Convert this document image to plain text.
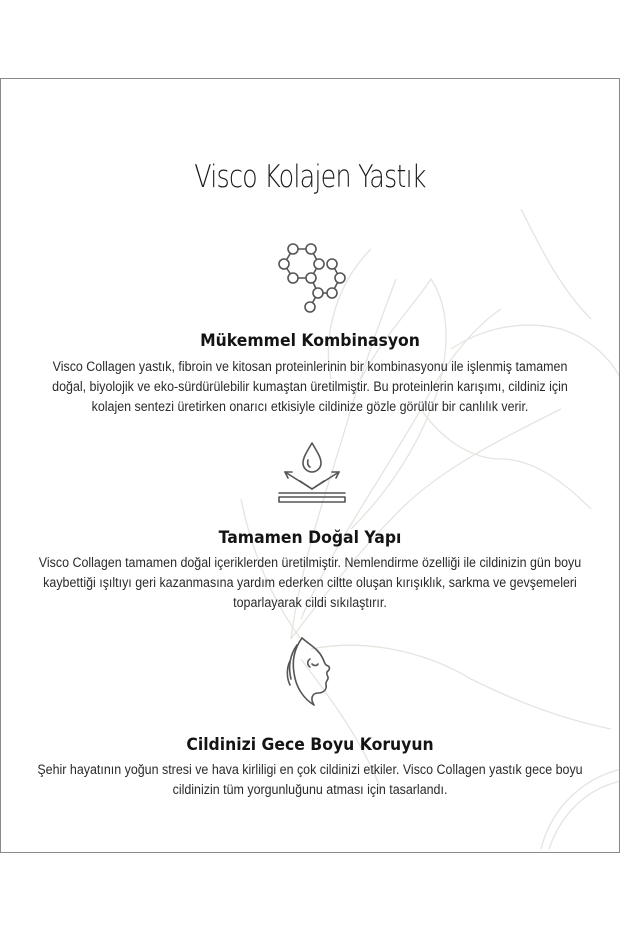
Visco Kolajen Yastık
Mükemmel Kombinasyon
Visco Collagen yastık, fibroin ve kitosan proteinlerinin bir kombinasyonu ile işlenmiş tamamen
doğal, biyolojik ve eko-sürdürülebilir kumaştan üretilmiştir. Bu proteinlerin karışımı, cildiniz için
kolajen sentezi üretirken onarıcı etkisiyle cildinize gözle görülür bir canlılık verir.
Tamamen Doğal Yapı
Visco Collagen tamamen doğal içeriklerden üretilmiştir. Nemlendirme özelliği ile cildinizin gün boyu
kaybettiği ışıltıyı geri kazanmasına yardım ederken ciltte oluşan kırışıklık, sarkma ve gevşemeleri
toparlayarak cildi sıkılaştırır.
Cildinizi Gece Boyu Koruyun
Şehir hayatının yoğun stresi ve hava kirliligi en çok cildinizi etkiler. Visco Collagen yastık gece boyu
cildinizin tüm yorgunluğunu atması için tasarlandı.
